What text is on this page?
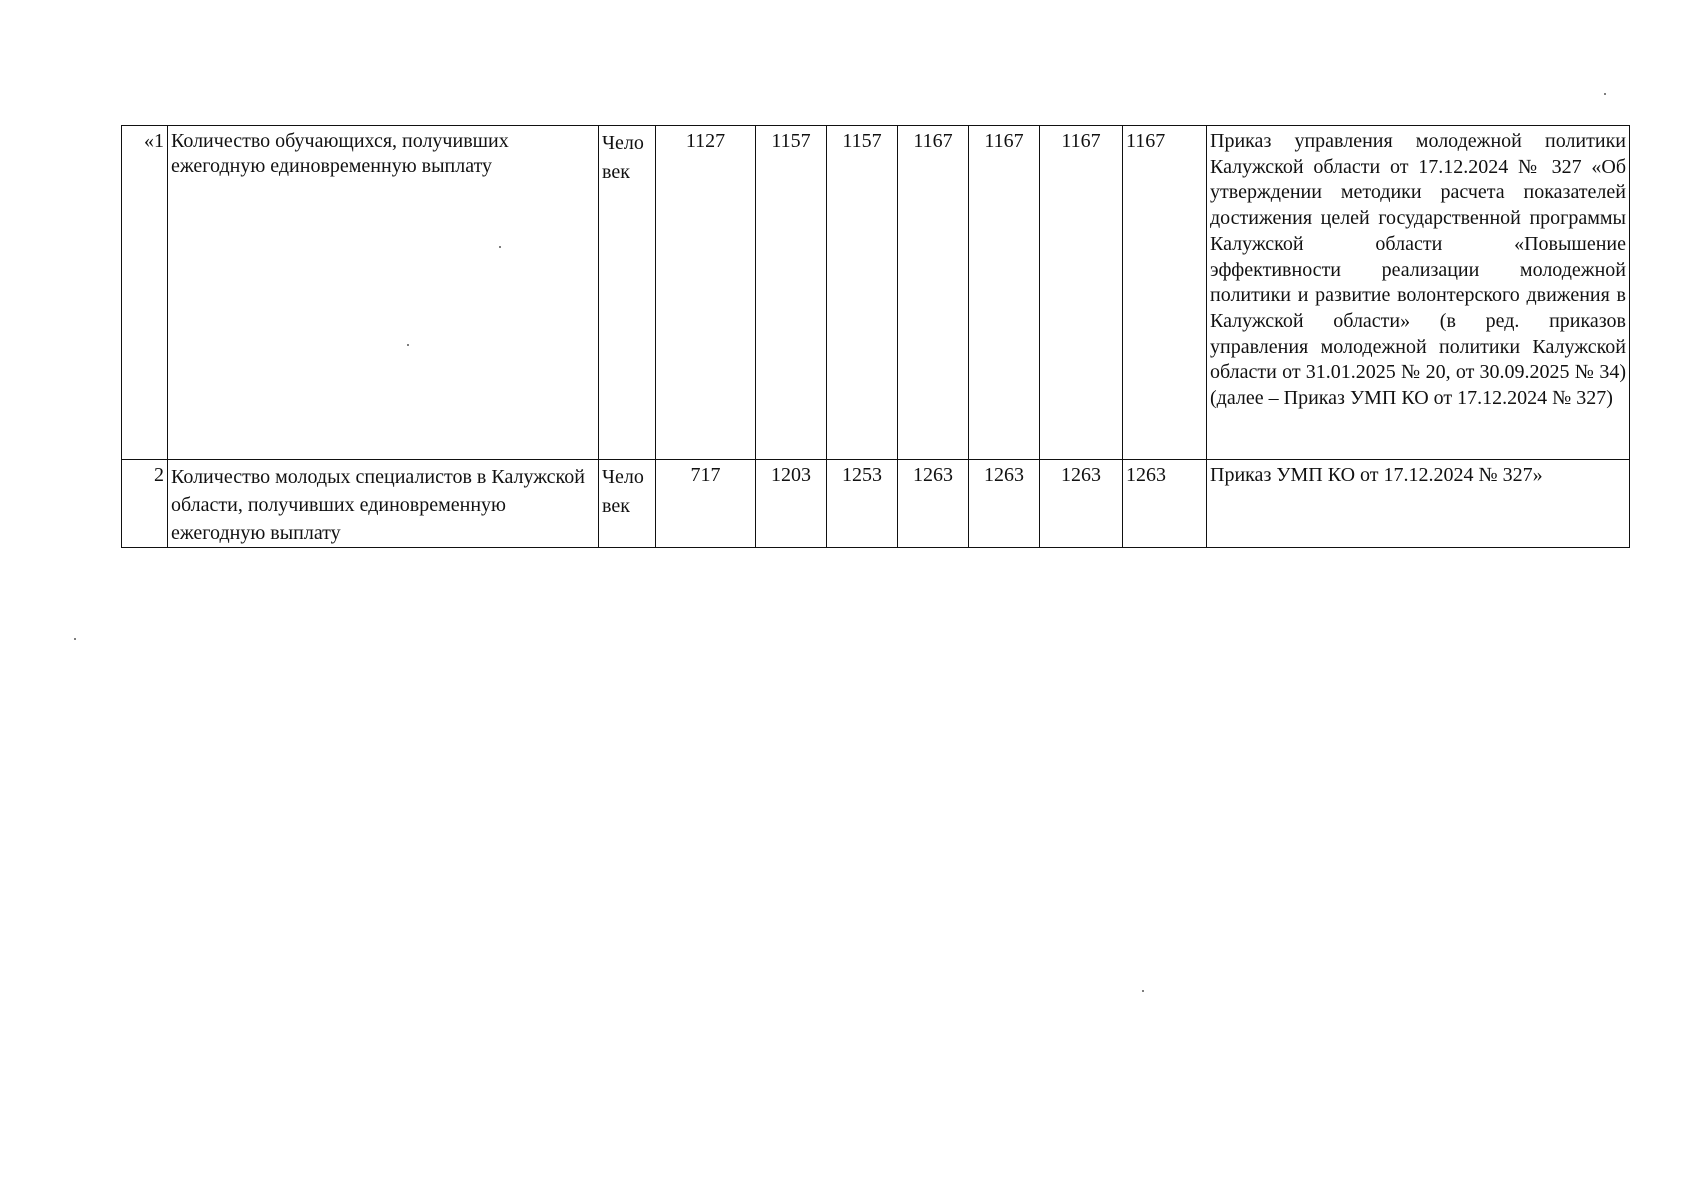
«1	Количество обучающихся, получивших ежегодную единовременную выплату	Чело
век	1127	1157	1157	1167	1167	1167	1167	Приказ управления молодежной политики Калужской области от 17.12.2024 № 327 «Об утверждении методики расчета показателей достижения целей государственной программы Калужской области «Повышение эффективности реализации молодежной политики и развитие волонтерского движения в Калужской области» (в ред. приказов управления молодежной политики Калужской области от 31.01.2025 № 20, от 30.09.2025 № 34) (далее – Приказ УМП КО от 17.12.2024 № 327)
2	Количество молодых специалистов в Калужской области, получивших единовременную ежегодную выплату	Чело
век	717	1203	1253	1263	1263	1263	1263	Приказ УМП КО от 17.12.2024 № 327»
